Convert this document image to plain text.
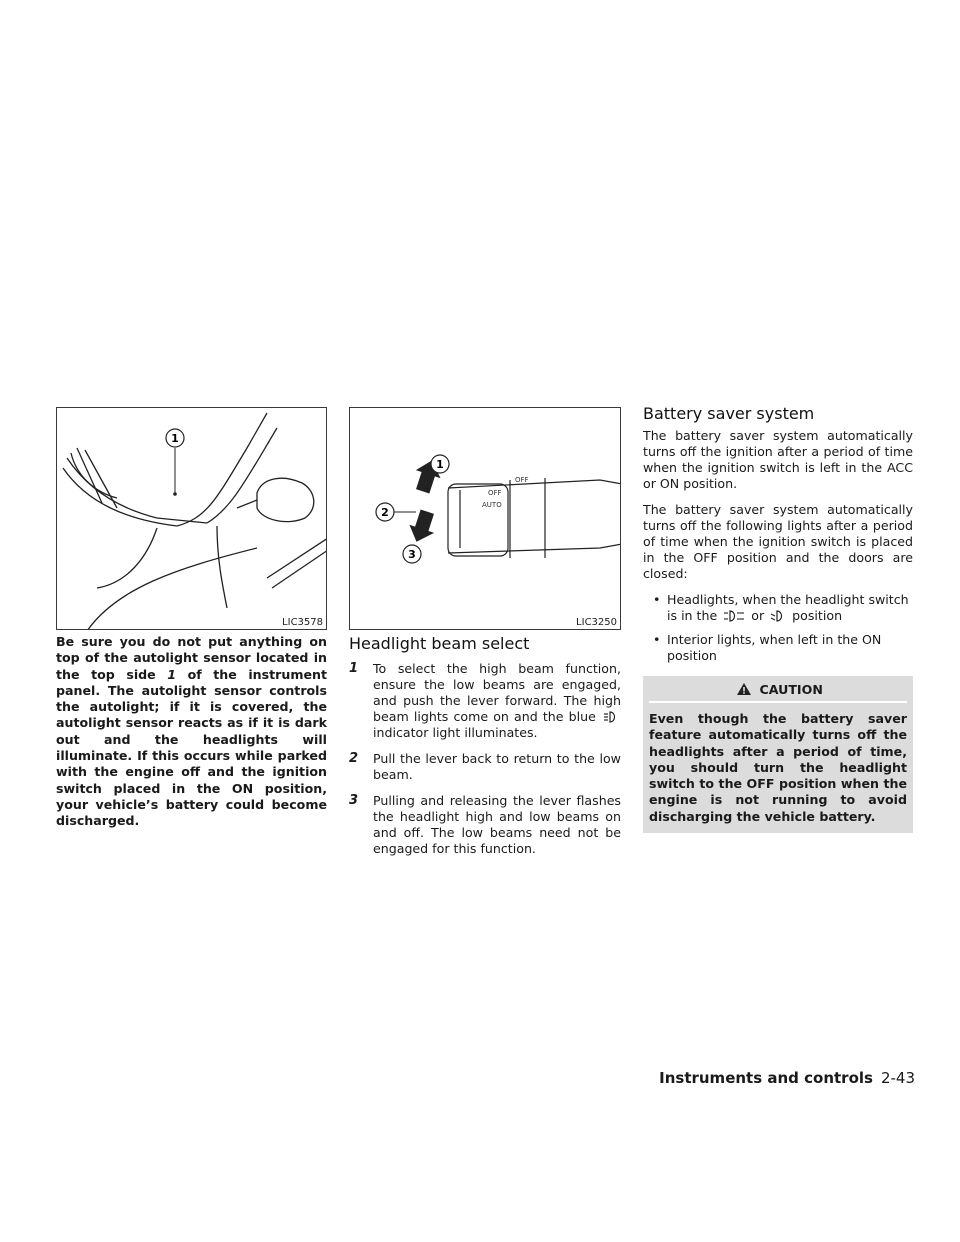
1
LIC3578
OFF
OFF
AUTO
1
2
3
LIC3250

Be sure you do not put anything on top of the autolight sensor located in the top side 1 of the instrument panel. The autolight sensor controls the autolight; if it is covered, the autolight sensor reacts as if it is dark out and the headlights will illuminate. If this occurs while parked with the engine off and the ignition switch placed in the ON position, your vehicle’s battery could become discharged.

Headlight beam select
1 To select the high beam function, ensure the low beams are engaged, and push the lever forward. The high beam lights come on and the blue  indicator light illuminates.
2 Pull the lever back to return to the low beam.
3 Pulling and releasing the lever flashes the headlight high and low beams on and off. The low beams need not be engaged for this function.
Battery saver system

The battery saver system automatically turns off the ignition after a period of time when the ignition switch is left in the ACC or ON position.

The battery saver system automatically turns off the following lights after a period of time when the ignition switch is placed in the OFF position and the doors are closed:

• Headlights, when the headlight switch is in the	or position
• Interior lights, when left in the ON position
CAUTION
Even though the battery saver feature automatically turns off the headlights after a period of time, you should turn the headlight switch to the OFF position when the engine is not running to avoid discharging the vehicle battery.
Instruments and controls 2-43
